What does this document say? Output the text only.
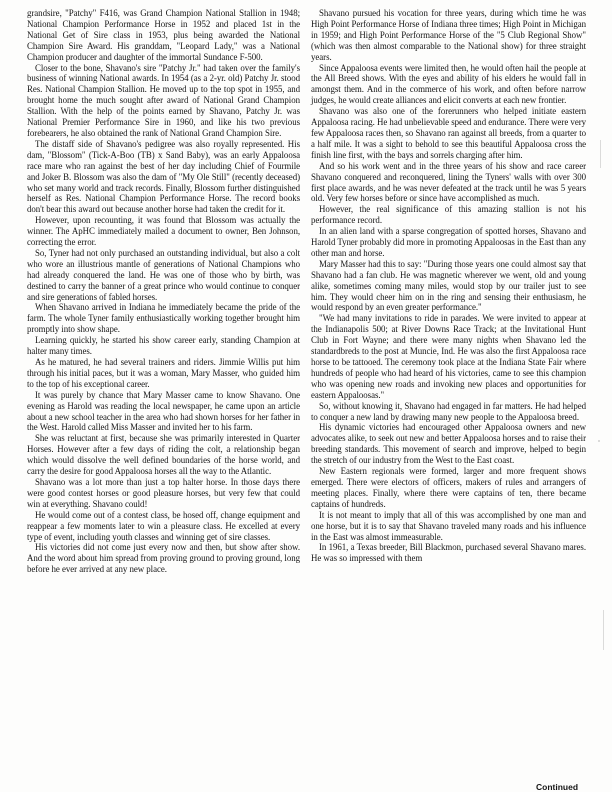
grandsire, "Patchy" F416, was Grand Champion National Stallion in 1948; National Champion Performance Horse in 1952 and placed 1st in the National Get of Sire class in 1953, plus being awarded the National Champion Sire Award. His granddam, "Leopard Lady," was a National Champion producer and daughter of the immortal Sundance F-500.

Closer to the bone, Shavano's sire "Patchy Jr." had taken over the family's business of winning National awards. In 1954 (as a 2-yr. old) Patchy Jr. stood Res. National Champion Stallion. He moved up to the top spot in 1955, and brought home the much sought after award of National Grand Champion Stallion. With the help of the points earned by Shavano, Patchy Jr. was National Premier Performance Sire in 1960, and like his two previous forebearers, he also obtained the rank of National Grand Champion Sire.

The distaff side of Shavano's pedigree was also royally represented. His dam, "Blossom" (Tick-A-Boo (TB) x Sand Baby), was an early Appaloosa race mare who ran against the best of her day including Chief of Fourmile and Joker B. Blossom was also the dam of "My Ole Still" (recently deceased) who set many world and track records. Finally, Blossom further distinguished herself as Res. National Champion Performance Horse. The record books don't bear this award out because another horse had taken the credit for it.

However, upon recounting, it was found that Blossom was actually the winner. The ApHC immediately mailed a document to owner, Ben Johnson, correcting the error.

So, Tyner had not only purchased an outstanding individual, but also a colt who wore an illustrious mantle of generations of National Champions who had already conquered the land. He was one of those who by birth, was destined to carry the banner of a great prince who would continue to conquer and sire generations of fabled horses.

When Shavano arrived in Indiana he immediately became the pride of the farm. The whole Tyner family enthusiastically working together brought him promptly into show shape.

Learning quickly, he started his show career early, standing Champion at halter many times.

As he matured, he had several trainers and riders. Jimmie Willis put him through his initial paces, but it was a woman, Mary Masser, who guided him to the top of his exceptional career.

It was purely by chance that Mary Masser came to know Shavano. One evening as Harold was reading the local newspaper, he came upon an article about a new school teacher in the area who had shown horses for her father in the West. Harold called Miss Masser and invited her to his farm.

She was reluctant at first, because she was primarily interested in Quarter Horses. However after a few days of riding the colt, a relationship began which would dissolve the well defined boundaries of the horse world, and carry the desire for good Appaloosa horses all the way to the Atlantic.

Shavano was a lot more than just a top halter horse. In those days there were good contest horses or good pleasure horses, but very few that could win at everything. Shavano could!

He would come out of a contest class, be hosed off, change equipment and reappear a few moments later to win a pleasure class. He excelled at every type of event, including youth classes and winning get of sire classes.

His victories did not come just every now and then, but show after show. And the word about him spread from proving ground to proving ground, long before he ever arrived at any new place.

Shavano pursued his vocation for three years, during which time he was High Point Performance Horse of Indiana three times; High Point in Michigan in 1959; and High Point Performance Horse of the "5 Club Regional Show" (which was then almost comparable to the National show) for three straight years.

Since Appaloosa events were limited then, he would often hail the people at the All Breed shows. With the eyes and ability of his elders he would fall in amongst them. And in the commerce of his work, and often before narrow judges, he would create alliances and elicit converts at each new frontier.

Shavano was also one of the forerunners who helped initiate eastern Appaloosa racing. He had unbelievable speed and endurance. There were very few Appaloosa races then, so Shavano ran against all breeds, from a quarter to a half mile. It was a sight to behold to see this beautiful Appaloosa cross the finish line first, with the bays and sorrels charging after him.

And so his work went and in the three years of his show and race career Shavano conquered and reconquered, lining the Tyners' walls with over 300 first place awards, and he was never defeated at the track until he was 5 years old. Very few horses before or since have accomplished as much.

However, the real significance of this amazing stallion is not his performance record.

In an alien land with a sparse congregation of spotted horses, Shavano and Harold Tyner probably did more in promoting Appaloosas in the East than any other man and horse.

Mary Masser had this to say: "During those years one could almost say that Shavano had a fan club. He was magnetic wherever we went, old and young alike, sometimes coming many miles, would stop by our trailer just to see him. They would cheer him on in the ring and sensing their enthusiasm, he would respond by an even greater performance."

"We had many invitations to ride in parades. We were invited to appear at the Indianapolis 500; at River Downs Race Track; at the Invitational Hunt Club in Fort Wayne; and there were many nights when Shavano led the standardbreds to the post at Muncie, Ind. He was also the first Appaloosa race horse to be tattooed. The ceremony took place at the Indiana State Fair where hundreds of people who had heard of his victories, came to see this champion who was opening new roads and invoking new places and opportunities for eastern Appaloosas."

So, without knowing it, Shavano had engaged in far matters. He had helped to conquer a new land by drawing many new people to the Appaloosa breed.

His dynamic victories had encouraged other Appaloosa owners and new advocates alike, to seek out new and better Appaloosa horses and to raise their breeding standards. This movement of search and improve, helped to begin the stretch of our industry from the West to the East coast.

New Eastern regionals were formed, larger and more frequent shows emerged. There were electors of officers, makers of rules and arrangers of meeting places. Finally, where there were captains of ten, there became captains of hundreds.

It is not meant to imply that all of this was accomplished by one man and one horse, but it is to say that Shavano traveled many roads and his influence in the East was almost immeasurable.

In 1961, a Texas breeder, Bill Blackmon, purchased several Shavano mares. He was so impressed with them

Continued
